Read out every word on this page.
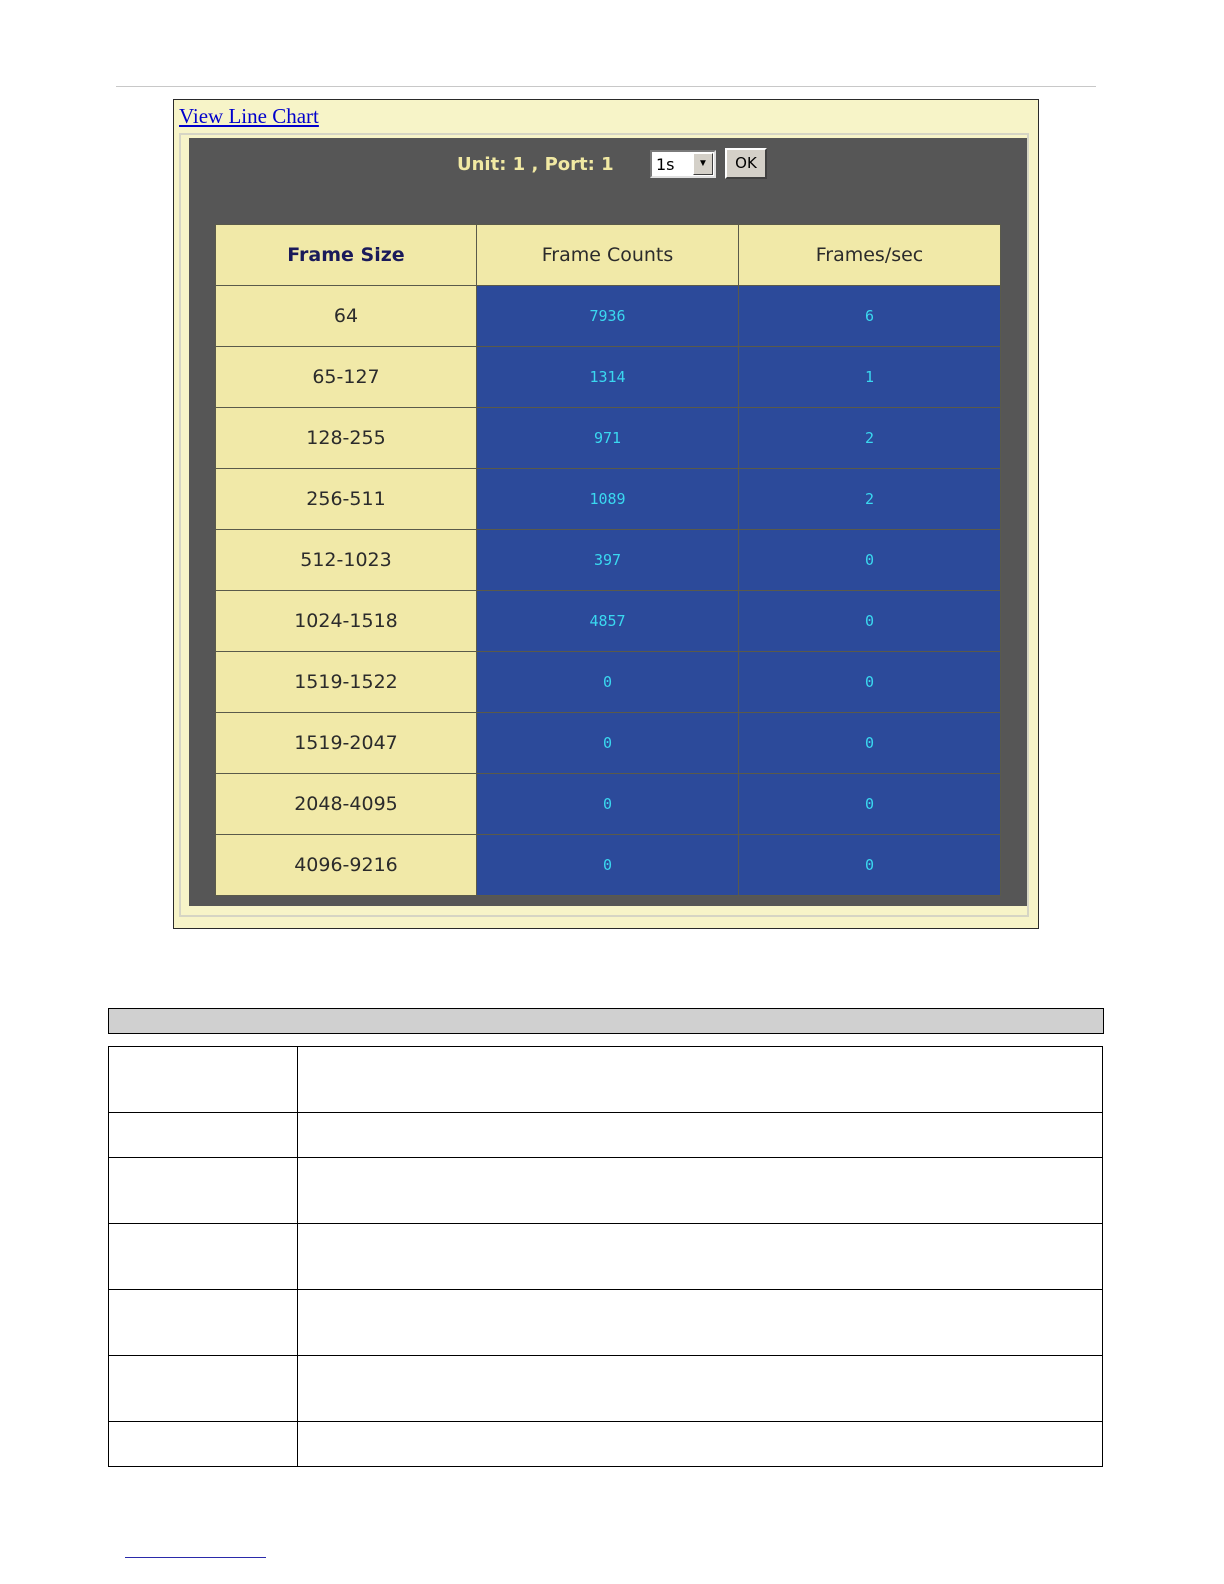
View Line Chart
Unit: 1 , Port: 1	1s	▼	OK
Frame Size	Frame Counts	Frames/sec
64	7936	6
65-127	1314	1
128-255	971	2
256-511	1089	2
512-1023	397	0
1024-1518	4857	0
1519-1522	0	0
1519-2047	0	0
2048-4095	0	0
4096-9216	0	0
